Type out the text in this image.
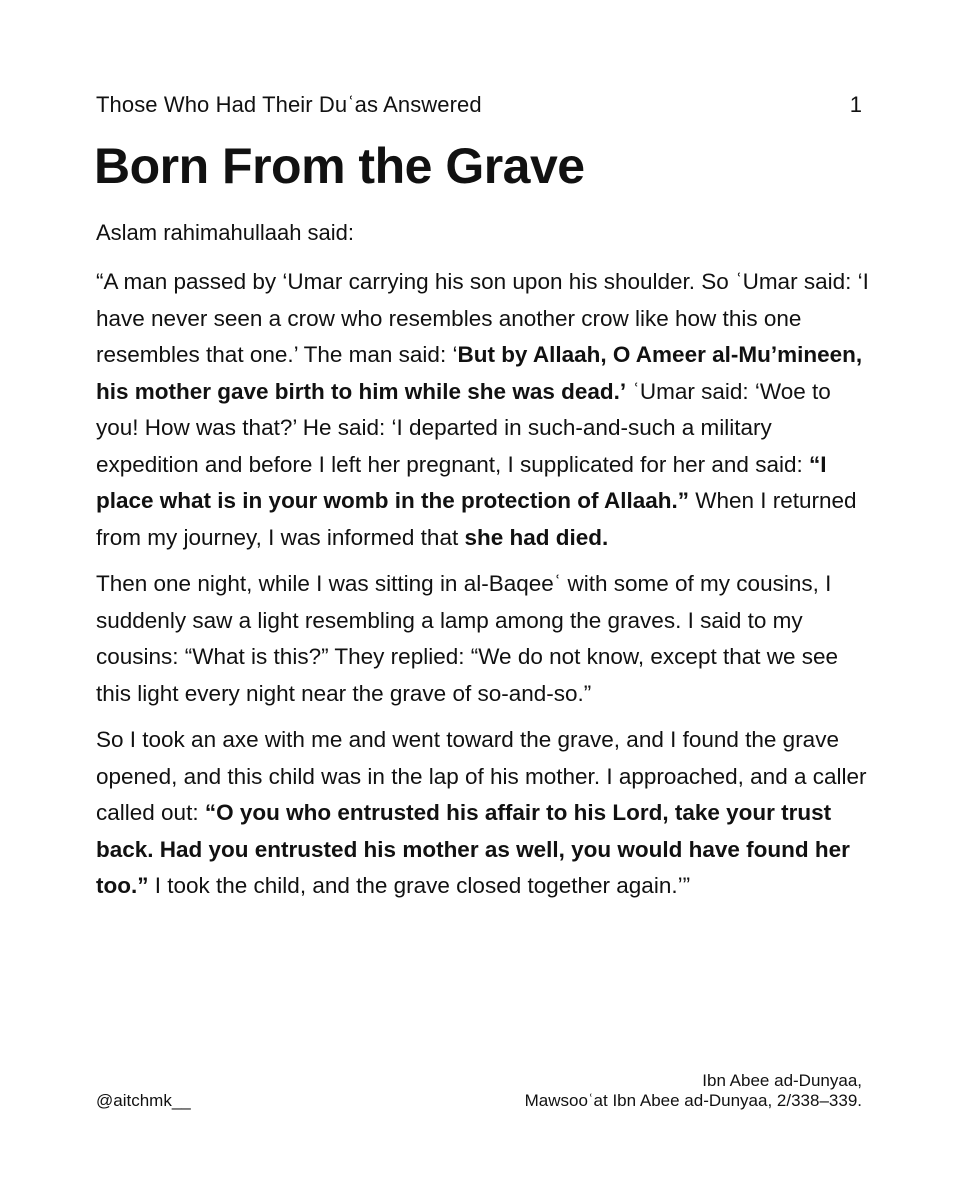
Those Who Had Their Duʿas Answered	1
Born From the Grave

Aslam rahimahullaah said:

“A man passed by ‘Umar carrying his son upon his shoulder. So ʿUmar said: ‘I have never seen a crow who resembles another crow like how this one resembles that one.’ The man said: ‘But by Allaah, O Ameer al-Mu’mineen, his mother gave birth to him while she was dead.’ ʿUmar said: ‘Woe to you! How was that?’ He said: ‘I departed in such-and-such a military expedition and before I left her pregnant, I supplicated for her and said: “I place what is in your womb in the protection of Allaah.” When I returned from my journey, I was informed that she had died.

Then one night, while I was sitting in al-Baqeeʿ with some of my cousins, I suddenly saw a light resembling a lamp among the graves. I said to my cousins: “What is this?” They replied: “We do not know, except that we see this light every night near the grave of so-and-so.”

So I took an axe with me and went toward the grave, and I found the grave opened, and this child was in the lap of his mother. I approached, and a caller called out: “O you who entrusted his affair to his Lord, take your trust back. Had you entrusted his mother as well, you would have found her too.” I took the child, and the grave closed together again.’”

@aitchmk__
Ibn Abee ad-Dunyaa,
Mawsooʿat Ibn Abee ad-Dunyaa, 2/338–339.
